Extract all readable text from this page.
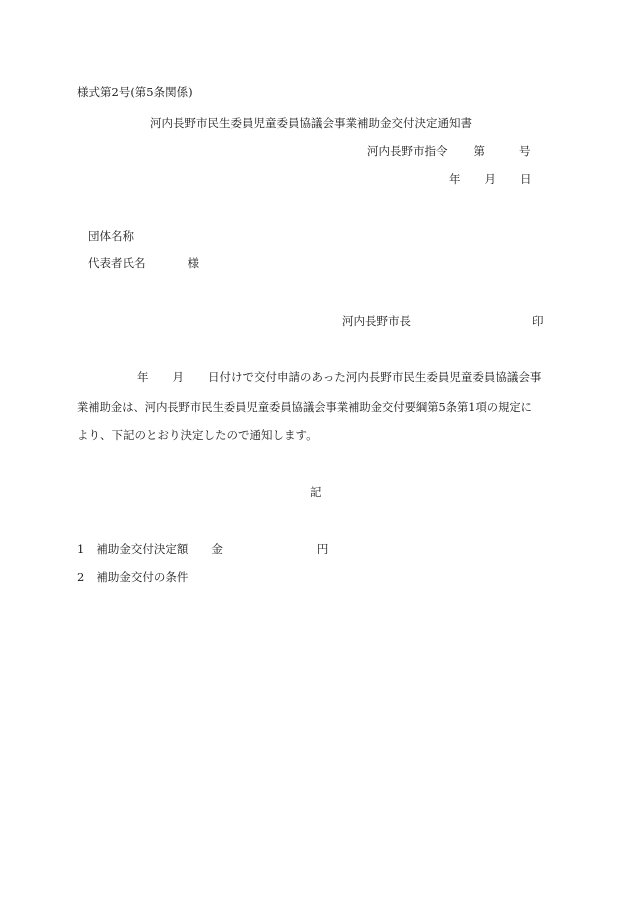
様式第2号(第5条関係)
河内長野市民生委員児童委員協議会事業補助金交付決定通知書
河内長野市指令 第	号
年 月 日
団体名称
代表者氏名	様
河内長野市長	印
年 月 日付けで交付申請のあった河内長野市民生委員児童委員協議会事
業補助金は、河内長野市民生委員児童委員協議会事業補助金交付要綱第5条第1項の規定に
より、下記のとおり決定したので通知します。
記
1 補助金交付決定額 金	円
2 補助金交付の条件
